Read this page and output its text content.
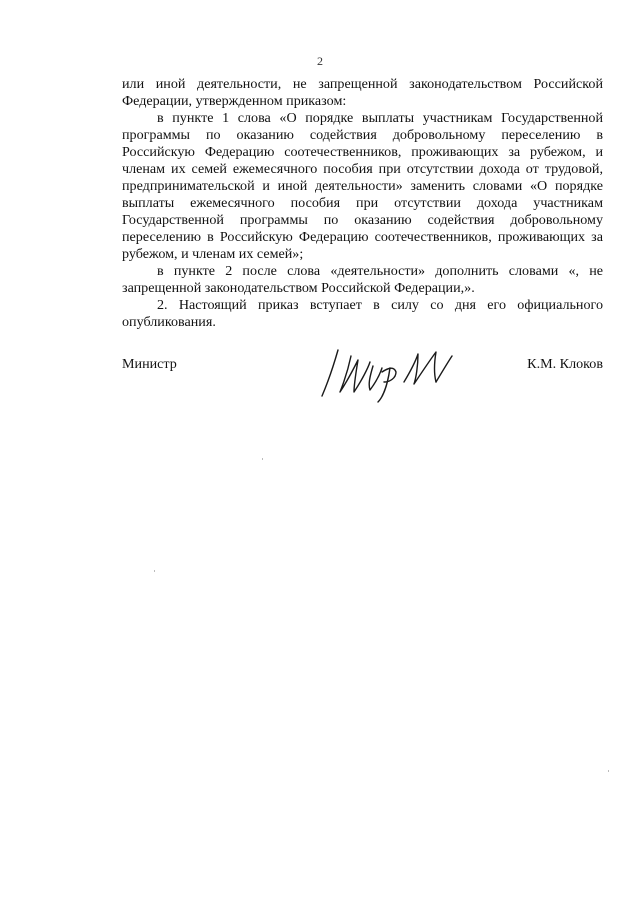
2

или иной деятельности, не запрещенной законодательством Российской Федерации, утвержденном приказом:

в пункте 1 слова «О порядке выплаты участникам Государственной программы по оказанию содействия добровольному переселению в Российскую Федерацию соотечественников, проживающих за рубежом, и членам их семей ежемесячного пособия при отсутствии дохода от трудовой, предпринимательской и иной деятельности» заменить словами «О порядке выплаты ежемесячного пособия при отсутствии дохода участникам Государственной программы по оказанию содействия добровольному переселению в Российскую Федерацию соотечественников, проживающих за рубежом, и членам их семей»;

в пункте 2 после слова «деятельности» дополнить словами «, не запрещенной законодательством Российской Федерации,».

2. Настоящий приказ вступает в силу со дня его официального опубликования.

Министр	К.М. Клоков
